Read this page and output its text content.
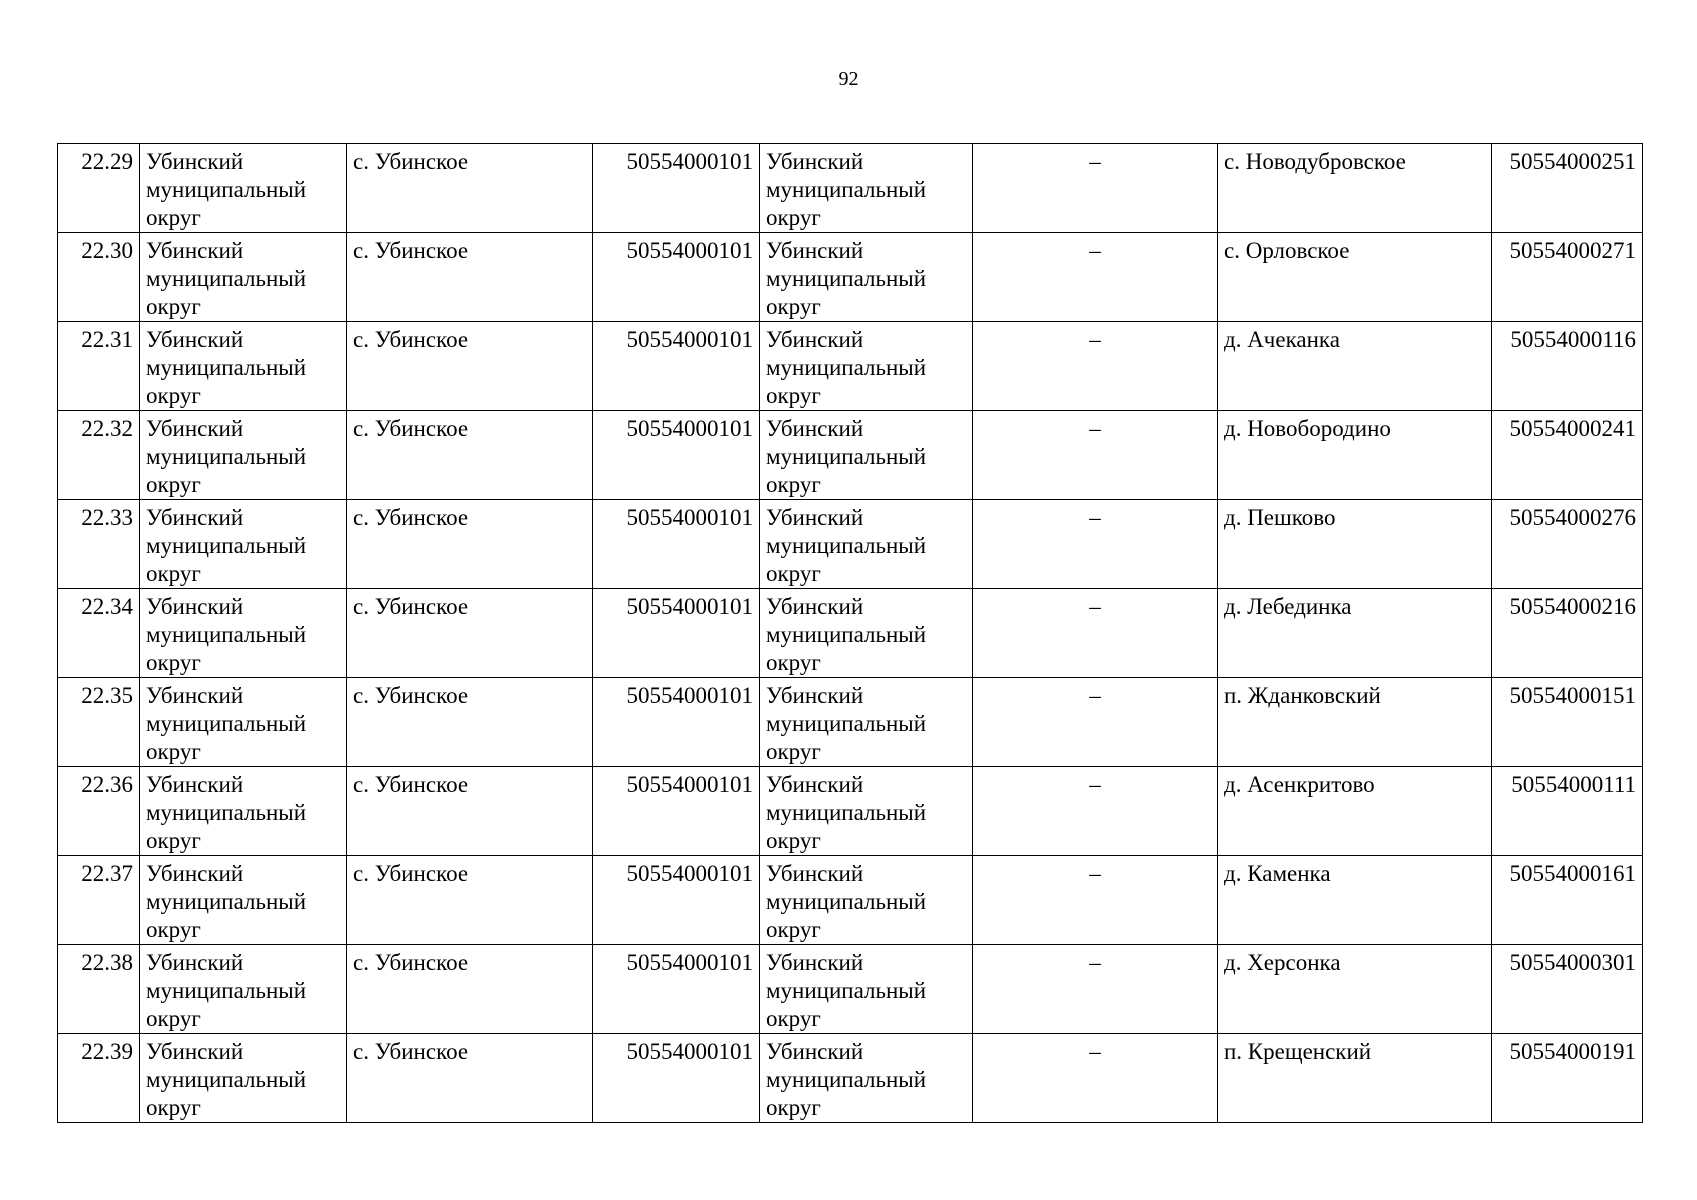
92
22.29	Убинский муниципальный округ	с. Убинское	50554000101	Убинский муниципальный округ	–	с. Новодубровское	50554000251
22.30	Убинский муниципальный округ	с. Убинское	50554000101	Убинский муниципальный округ	–	с. Орловское	50554000271
22.31	Убинский муниципальный округ	с. Убинское	50554000101	Убинский муниципальный округ	–	д. Ачеканка	50554000116
22.32	Убинский муниципальный округ	с. Убинское	50554000101	Убинский муниципальный округ	–	д. Новобородино	50554000241
22.33	Убинский муниципальный округ	с. Убинское	50554000101	Убинский муниципальный округ	–	д. Пешково	50554000276
22.34	Убинский муниципальный округ	с. Убинское	50554000101	Убинский муниципальный округ	–	д. Лебединка	50554000216
22.35	Убинский муниципальный округ	с. Убинское	50554000101	Убинский муниципальный округ	–	п. Жданковский	50554000151
22.36	Убинский муниципальный округ	с. Убинское	50554000101	Убинский муниципальный округ	–	д. Асенкритово	50554000111
22.37	Убинский муниципальный округ	с. Убинское	50554000101	Убинский муниципальный округ	–	д. Каменка	50554000161
22.38	Убинский муниципальный округ	с. Убинское	50554000101	Убинский муниципальный округ	–	д. Херсонка	50554000301
22.39	Убинский муниципальный округ	с. Убинское	50554000101	Убинский муниципальный округ	–	п. Крещенский	50554000191
